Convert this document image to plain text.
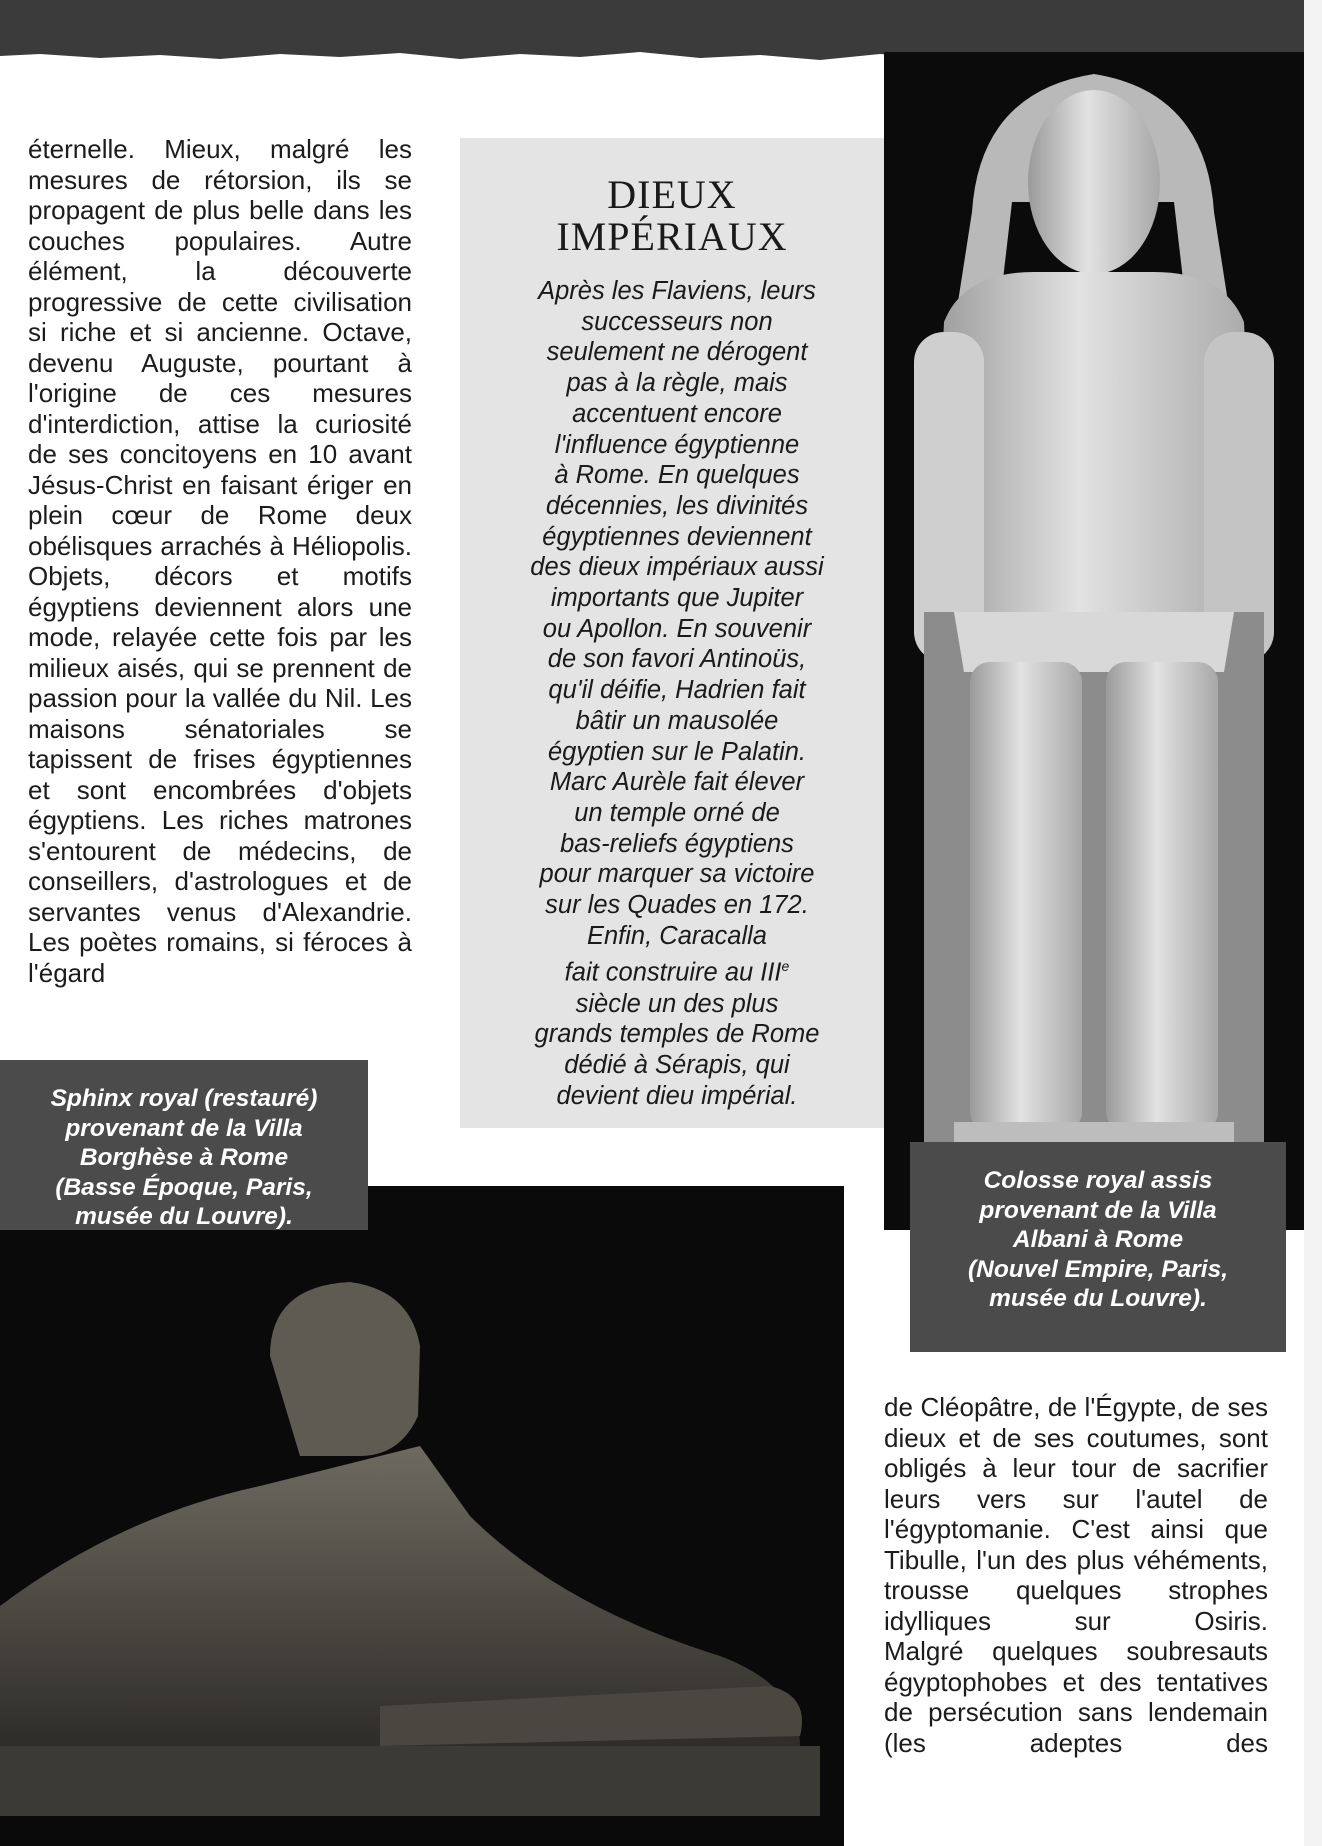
éternelle. Mieux, malgré les mesures de rétorsion, ils se propagent de plus belle dans les couches populaires. Autre élément, la découverte progressive de cette civilisation si riche et si ancienne. Octave, devenu Auguste, pourtant à l'origine de ces mesures d'interdiction, attise la curiosité de ses concitoyens en 10 avant Jésus-Christ en faisant ériger en plein cœur de Rome deux obélisques arrachés à Héliopolis. Objets, décors et motifs égyptiens deviennent alors une mode, relayée cette fois par les milieux aisés, qui se prennent de passion pour la vallée du Nil. Les maisons sénatoriales se tapissent de frises égyptiennes et sont encombrées d'objets égyptiens. Les riches matrones s'entourent de médecins, de conseillers, d'astrologues et de servantes venus d'Alexandrie. Les poètes romains, si féroces à l'égard

DIEUX
IMPÉRIAUX
Après les Flaviens, leurs
successeurs non
seulement ne dérogent
pas à la règle, mais
accentuent encore
l'influence égyptienne
à Rome. En quelques
décennies, les divinités
égyptiennes deviennent
des dieux impériaux aussi
importants que Jupiter
ou Apollon. En souvenir
de son favori Antinoüs,
qu'il déifie, Hadrien fait
bâtir un mausolée
égyptien sur le Palatin.
Marc Aurèle fait élever
un temple orné de
bas-reliefs égyptiens
pour marquer sa victoire
sur les Quades en 172.
Enfin, Caracalla
fait construire au IIIe
siècle un des plus
grands temples de Rome
dédié à Sérapis, qui
devient dieu impérial.
Sphinx royal (restauré)
provenant de la Villa
Borghèse à Rome
(Basse Époque, Paris,
musée du Louvre).
Colosse royal assis
provenant de la Villa
Albani à Rome
(Nouvel Empire, Paris,
musée du Louvre).

de Cléopâtre, de l'Égypte, de ses dieux et de ses coutumes, sont obligés à leur tour de sacrifier leurs vers sur l'autel de l'égyptomanie. C'est ainsi que Tibulle, l'un des plus véhéments, trousse quelques strophes idylliques sur Osiris.

Malgré quelques soubresauts égyptophobes et des tentatives de persécution sans lendemain (les adeptes des
